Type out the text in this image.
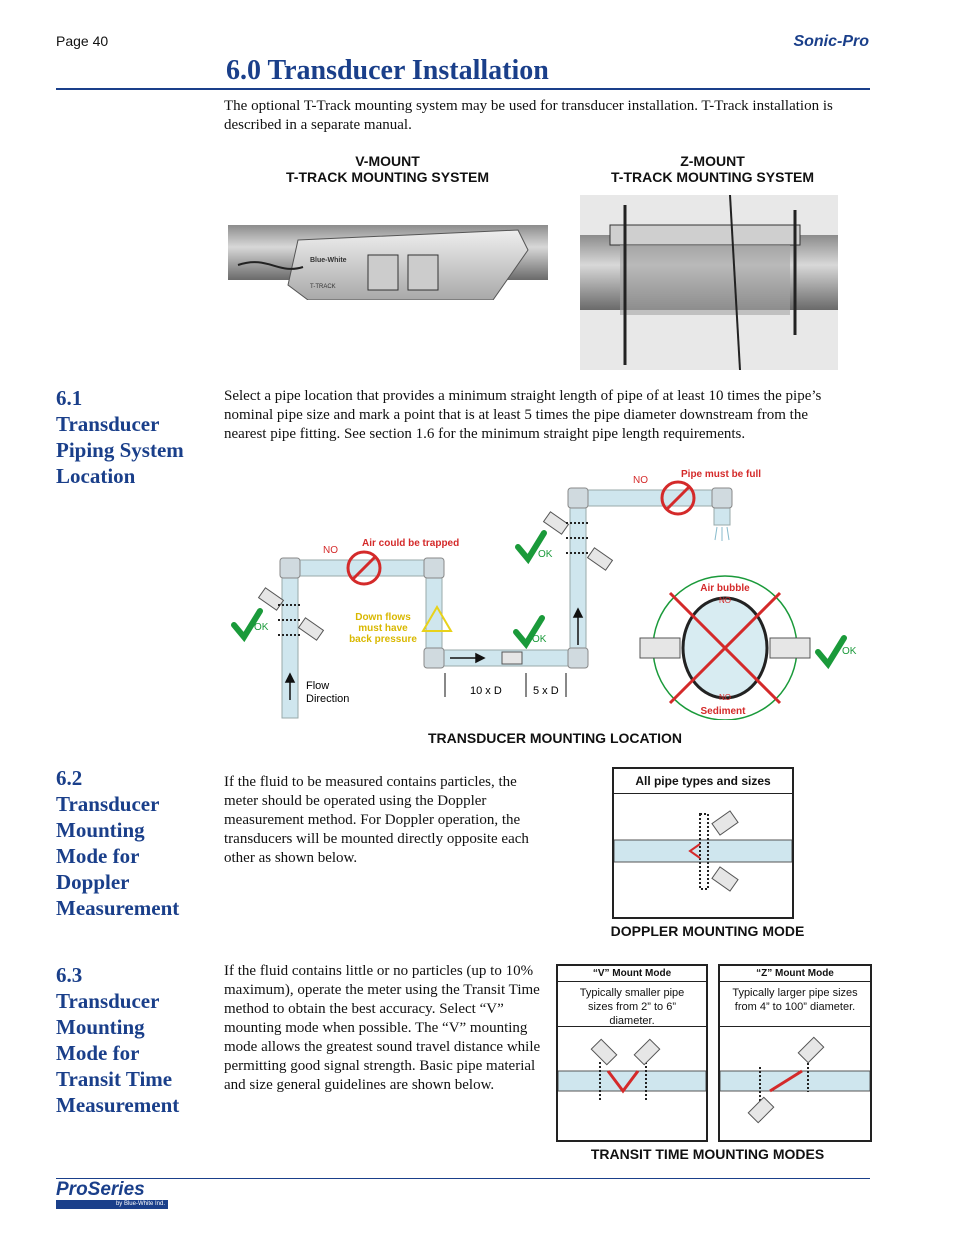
Page 40	Sonic-Pro
6.0 Transducer Installation
The optional T-Track mounting system may be used for transducer installation. T-Track installation is described in a separate manual.
V-MOUNT
T-TRACK MOUNTING SYSTEM
Z-MOUNT
T-TRACK MOUNTING SYSTEM
Blue-White
T-TRACK

6.1

Transducer

Piping System

Location

Select a pipe location that provides a minimum straight length of pipe of at least 10 times the pipe’s nominal pipe size and mark a point that is at least 5 times the pipe diameter downstream from the nearest pipe fitting. See section 1.6 for the minimum straight pipe length requirements.
Flow
Direction
10 x D	5 x D
NO
Air could be trapped
NO
Pipe must be full
Down flows
must have
back pressure
OK
OK
OK
OK
Air bubble
NO
NO
Sediment
TRANSDUCER MOUNTING LOCATION

6.2

Transducer

Mounting

Mode for

Doppler

Measurement

If the fluid to be measured contains particles, the meter should be operated using the Doppler measurement method. For Doppler operation, the transducers will be mounted directly opposite each other as shown below.
All pipe types and sizes
DOPPLER MOUNTING MODE

6.3

Transducer

Mounting

Mode for

Transit Time

Measurement

If the fluid contains little or no particles (up to 10% maximum), operate the meter using the Transit Time method to obtain the best accuracy. Select “V” mounting mode when possible. The “V” mounting mode allows the greatest sound travel distance while permitting good signal strength. Basic pipe material and size general guidelines are shown below.
“V” Mount Mode
Typically smaller pipe sizes from 2” to 6” diameter.
“Z” Mount Mode
Typically larger pipe sizes from 4” to 100” diameter.
TRANSIT TIME MOUNTING MODES
ProSeries
by Blue-White Ind.
